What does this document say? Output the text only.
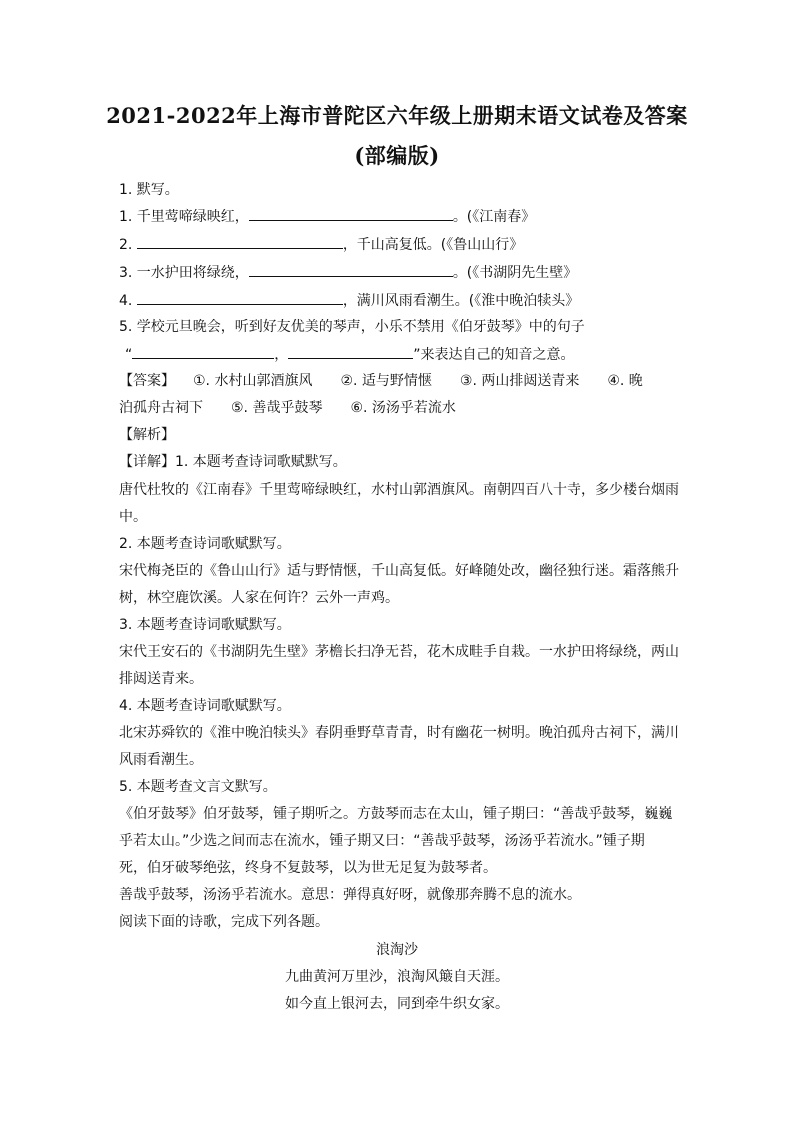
2021-2022年上海市普陀区六年级上册期末语文试卷及答案
(部编版)
1. 默写。
1. 千里莺啼绿映红，	。(《江南春》
2.	，千山高复低。(《鲁山山行》
3. 一水护田将绿绕，	。(《书湖阴先生壁》
4.	，满川风雨看潮生。(《淮中晚泊犊头》
5. 学校元旦晚会，听到好友优美的琴声，小乐不禁用《伯牙鼓琴》中的句子
“	，	”来表达自己的知音之意。
【答案】 ①. 水村山郭酒旗风 ②. 适与野情惬 ③. 两山排闼送青来 ④. 晚
泊孤舟古祠下 ⑤. 善哉乎鼓琴 ⑥. 汤汤乎若流水
【解析】
【详解】1. 本题考查诗词歌赋默写。
唐代杜牧的《江南春》千里莺啼绿映红，水村山郭酒旗风。南朝四百八十寺，多少楼台烟雨
中。
2. 本题考查诗词歌赋默写。
宋代梅尧臣的《鲁山山行》适与野情惬，千山高复低。好峰随处改，幽径独行迷。霜落熊升
树，林空鹿饮溪。人家在何许？云外一声鸡。
3. 本题考查诗词歌赋默写。
宋代王安石的《书湖阴先生壁》茅檐长扫净无苔，花木成畦手自栽。一水护田将绿绕，两山
排闼送青来。
4. 本题考查诗词歌赋默写。
北宋苏舜钦的《淮中晚泊犊头》春阴垂野草青青，时有幽花一树明。晚泊孤舟古祠下，满川
风雨看潮生。
5. 本题考查文言文默写。
《伯牙鼓琴》伯牙鼓琴，锺子期听之。方鼓琴而志在太山，锺子期曰：“善哉乎鼓琴，巍巍
乎若太山。”少选之间而志在流水，锺子期又曰：“善哉乎鼓琴，汤汤乎若流水。”锺子期
死，伯牙破琴绝弦，终身不复鼓琴，以为世无足复为鼓琴者。
善哉乎鼓琴，汤汤乎若流水。意思：弹得真好呀，就像那奔腾不息的流水。
阅读下面的诗歌，完成下列各题。
浪淘沙
九曲黄河万里沙，浪淘风簸自天涯。
如今直上银河去，同到牵牛织女家。
